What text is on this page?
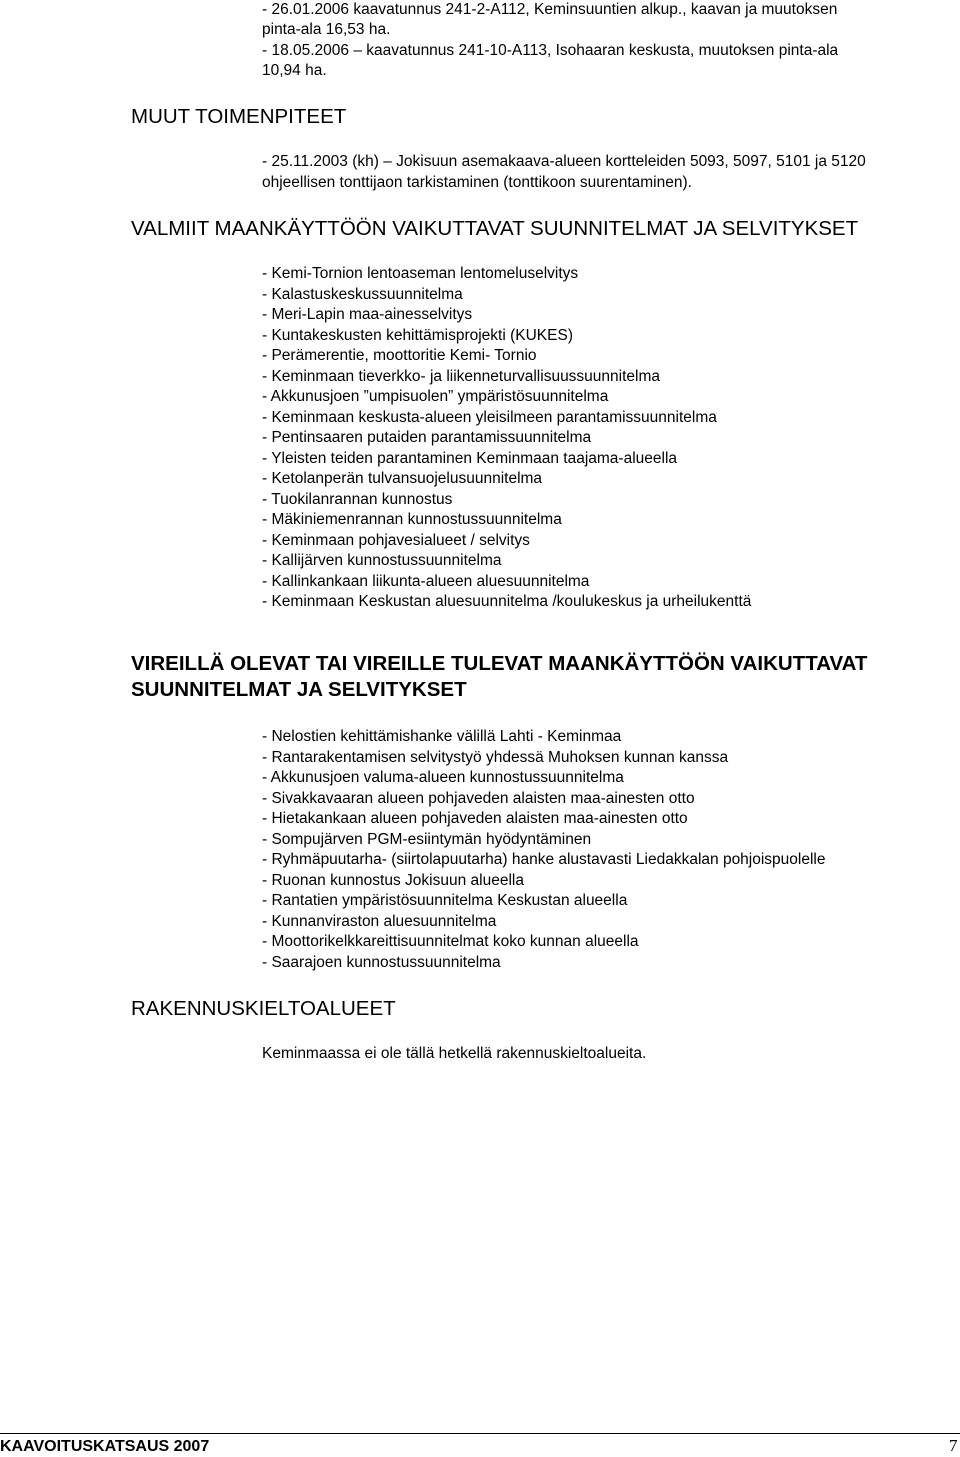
- 26.01.2006 kaavatunnus 241-2-A112, Keminsuuntien alkup., kaavan ja muutoksen
pinta-ala 16,53 ha.
- 18.05.2006 – kaavatunnus 241-10-A113, Isohaaran keskusta, muutoksen pinta-ala
10,94 ha.
MUUT TOIMENPITEET
- 25.11.2003 (kh) – Jokisuun asemakaava-alueen kortteleiden 5093, 5097, 5101 ja 5120
ohjeellisen tonttijaon tarkistaminen (tonttikoon suurentaminen).
VALMIIT MAANKÄYTTÖÖN VAIKUTTAVAT SUUNNITELMAT JA SELVITYKSET
- Kemi-Tornion lentoaseman lentomeluselvitys
- Kalastuskeskussuunnitelma
- Meri-Lapin maa-ainesselvitys
- Kuntakeskusten kehittämisprojekti (KUKES)
- Perämerentie, moottoritie Kemi- Tornio
- Keminmaan tieverkko- ja liikenneturvallisuussuunnitelma
- Akkunusjoen ”umpisuolen” ympäristösuunnitelma
- Keminmaan keskusta-alueen yleisilmeen parantamissuunnitelma
- Pentinsaaren putaiden parantamissuunnitelma
- Yleisten teiden parantaminen Keminmaan taajama-alueella
- Ketolanperän tulvansuojelusuunnitelma
- Tuokilanrannan kunnostus
- Mäkiniemenrannan kunnostussuunnitelma
- Keminmaan pohjavesialueet / selvitys
- Kallijärven kunnostussuunnitelma
- Kallinkankaan liikunta-alueen aluesuunnitelma
- Keminmaan Keskustan aluesuunnitelma /koulukeskus ja urheilukenttä
VIREILLÄ OLEVAT TAI VIREILLE TULEVAT MAANKÄYTTÖÖN VAIKUTTAVAT
SUUNNITELMAT JA SELVITYKSET
- Nelostien kehittämishanke välillä Lahti - Keminmaa
- Rantarakentamisen selvitystyö yhdessä Muhoksen kunnan kanssa
- Akkunusjoen valuma-alueen kunnostussuunnitelma
- Sivakkavaaran alueen pohjaveden alaisten maa-ainesten otto
- Hietakankaan alueen pohjaveden alaisten maa-ainesten otto
- Sompujärven PGM-esiintymän hyödyntäminen
- Ryhmäpuutarha- (siirtolapuutarha) hanke alustavasti Liedakkalan pohjoispuolelle
- Ruonan kunnostus Jokisuun alueella
- Rantatien ympäristösuunnitelma Keskustan alueella
- Kunnanviraston aluesuunnitelma
- Moottorikelkkareittisuunnitelmat koko kunnan alueella
- Saarajoen kunnostussuunnitelma
RAKENNUSKIELTOALUEET
Keminmaassa ei ole tällä hetkellä rakennuskieltoalueita.
KAAVOITUSKATSAUS 2007	7
